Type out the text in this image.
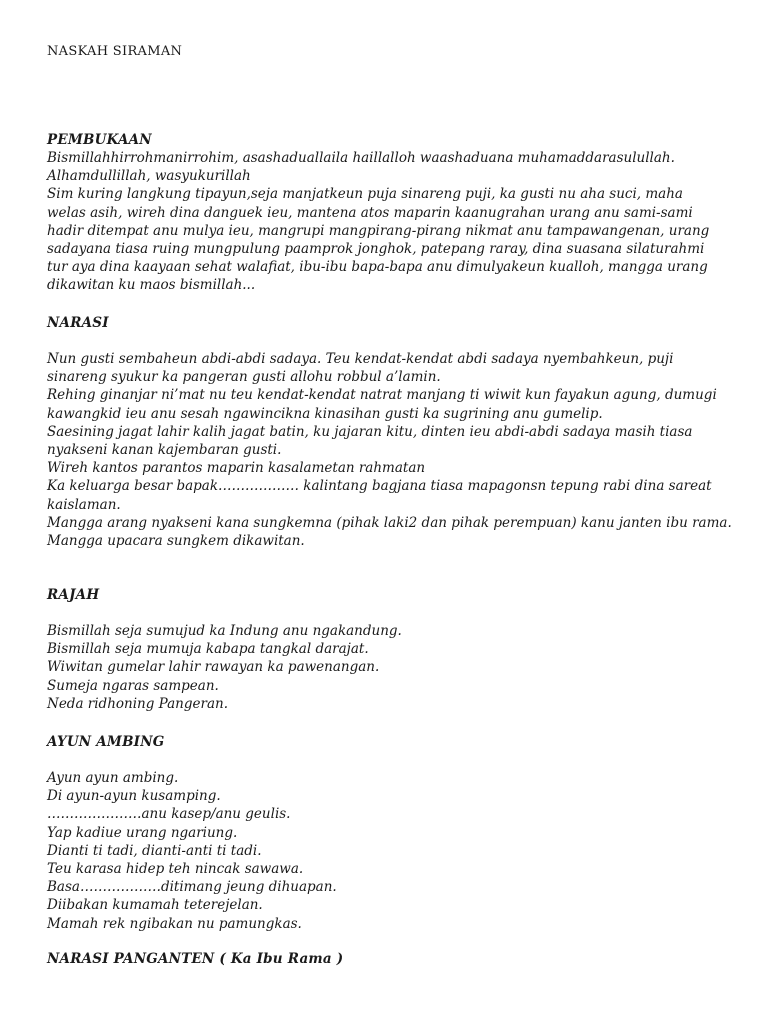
NASKAH SIRAMAN

PEMBUKAAN

Bismillahhirrohmanirrohim, asashaduallaila haillalloh waashaduana muhamaddarasulullah.

Alhamdullillah, wasyukurillah

Sim kuring langkung tipayun,seja manjatkeun puja sinareng puji, ka gusti nu aha suci, maha

welas asih, wireh dina danguek ieu, mantena atos maparin kaanugrahan urang anu sami-sami

hadir ditempat anu mulya ieu, mangrupi mangpirang-pirang nikmat anu tampawangenan, urang

sadayana tiasa ruing mungpulung paamprok jonghok, patepang raray, dina suasana silaturahmi

tur aya dina kaayaan sehat walafiat, ibu-ibu bapa-bapa anu dimulyakeun kualloh, mangga urang

dikawitan ku maos bismillah...

NARASI

Nun gusti sembaheun abdi-abdi sadaya. Teu kendat-kendat abdi sadaya nyembahkeun, puji

sinareng syukur ka pangeran gusti allohu robbul a’lamin.

Rehing ginanjar ni’mat nu teu kendat-kendat natrat manjang ti wiwit kun fayakun agung, dumugi

kawangkid ieu anu sesah ngawincikna kinasihan gusti ka sugrining anu gumelip.

Saesining jagat lahir kalih jagat batin, ku jajaran kitu, dinten ieu abdi-abdi sadaya masih tiasa

nyakseni kanan kajembaran gusti.

Wireh kantos parantos maparin kasalametan rahmatan

Ka keluarga besar bapak……………… kalintang bagjana tiasa mapagonsn tepung rabi dina sareat

kaislaman.

Mangga arang nyakseni kana sungkemna (pihak laki2 dan pihak perempuan) kanu janten ibu rama.

Mangga upacara sungkem dikawitan.

RAJAH

Bismillah seja sumujud ka Indung anu ngakandung.

Bismillah seja mumuja kabapa tangkal darajat.

Wiwitan gumelar lahir rawayan ka pawenangan.

Sumeja ngaras sampean.

Neda ridhoning Pangeran.

AYUN AMBING

Ayun ayun ambing.

Di ayun-ayun kusamping.

…………………anu kasep/anu geulis.

Yap kadiue urang ngariung.

Dianti ti tadi, dianti-anti ti tadi.

Teu karasa hidep teh nincak sawawa.

Basa………………ditimang jeung dihuapan.

Diibakan kumamah teterejelan.

Mamah rek ngibakan nu pamungkas.

NARASI PANGANTEN ( Ka Ibu Rama )
